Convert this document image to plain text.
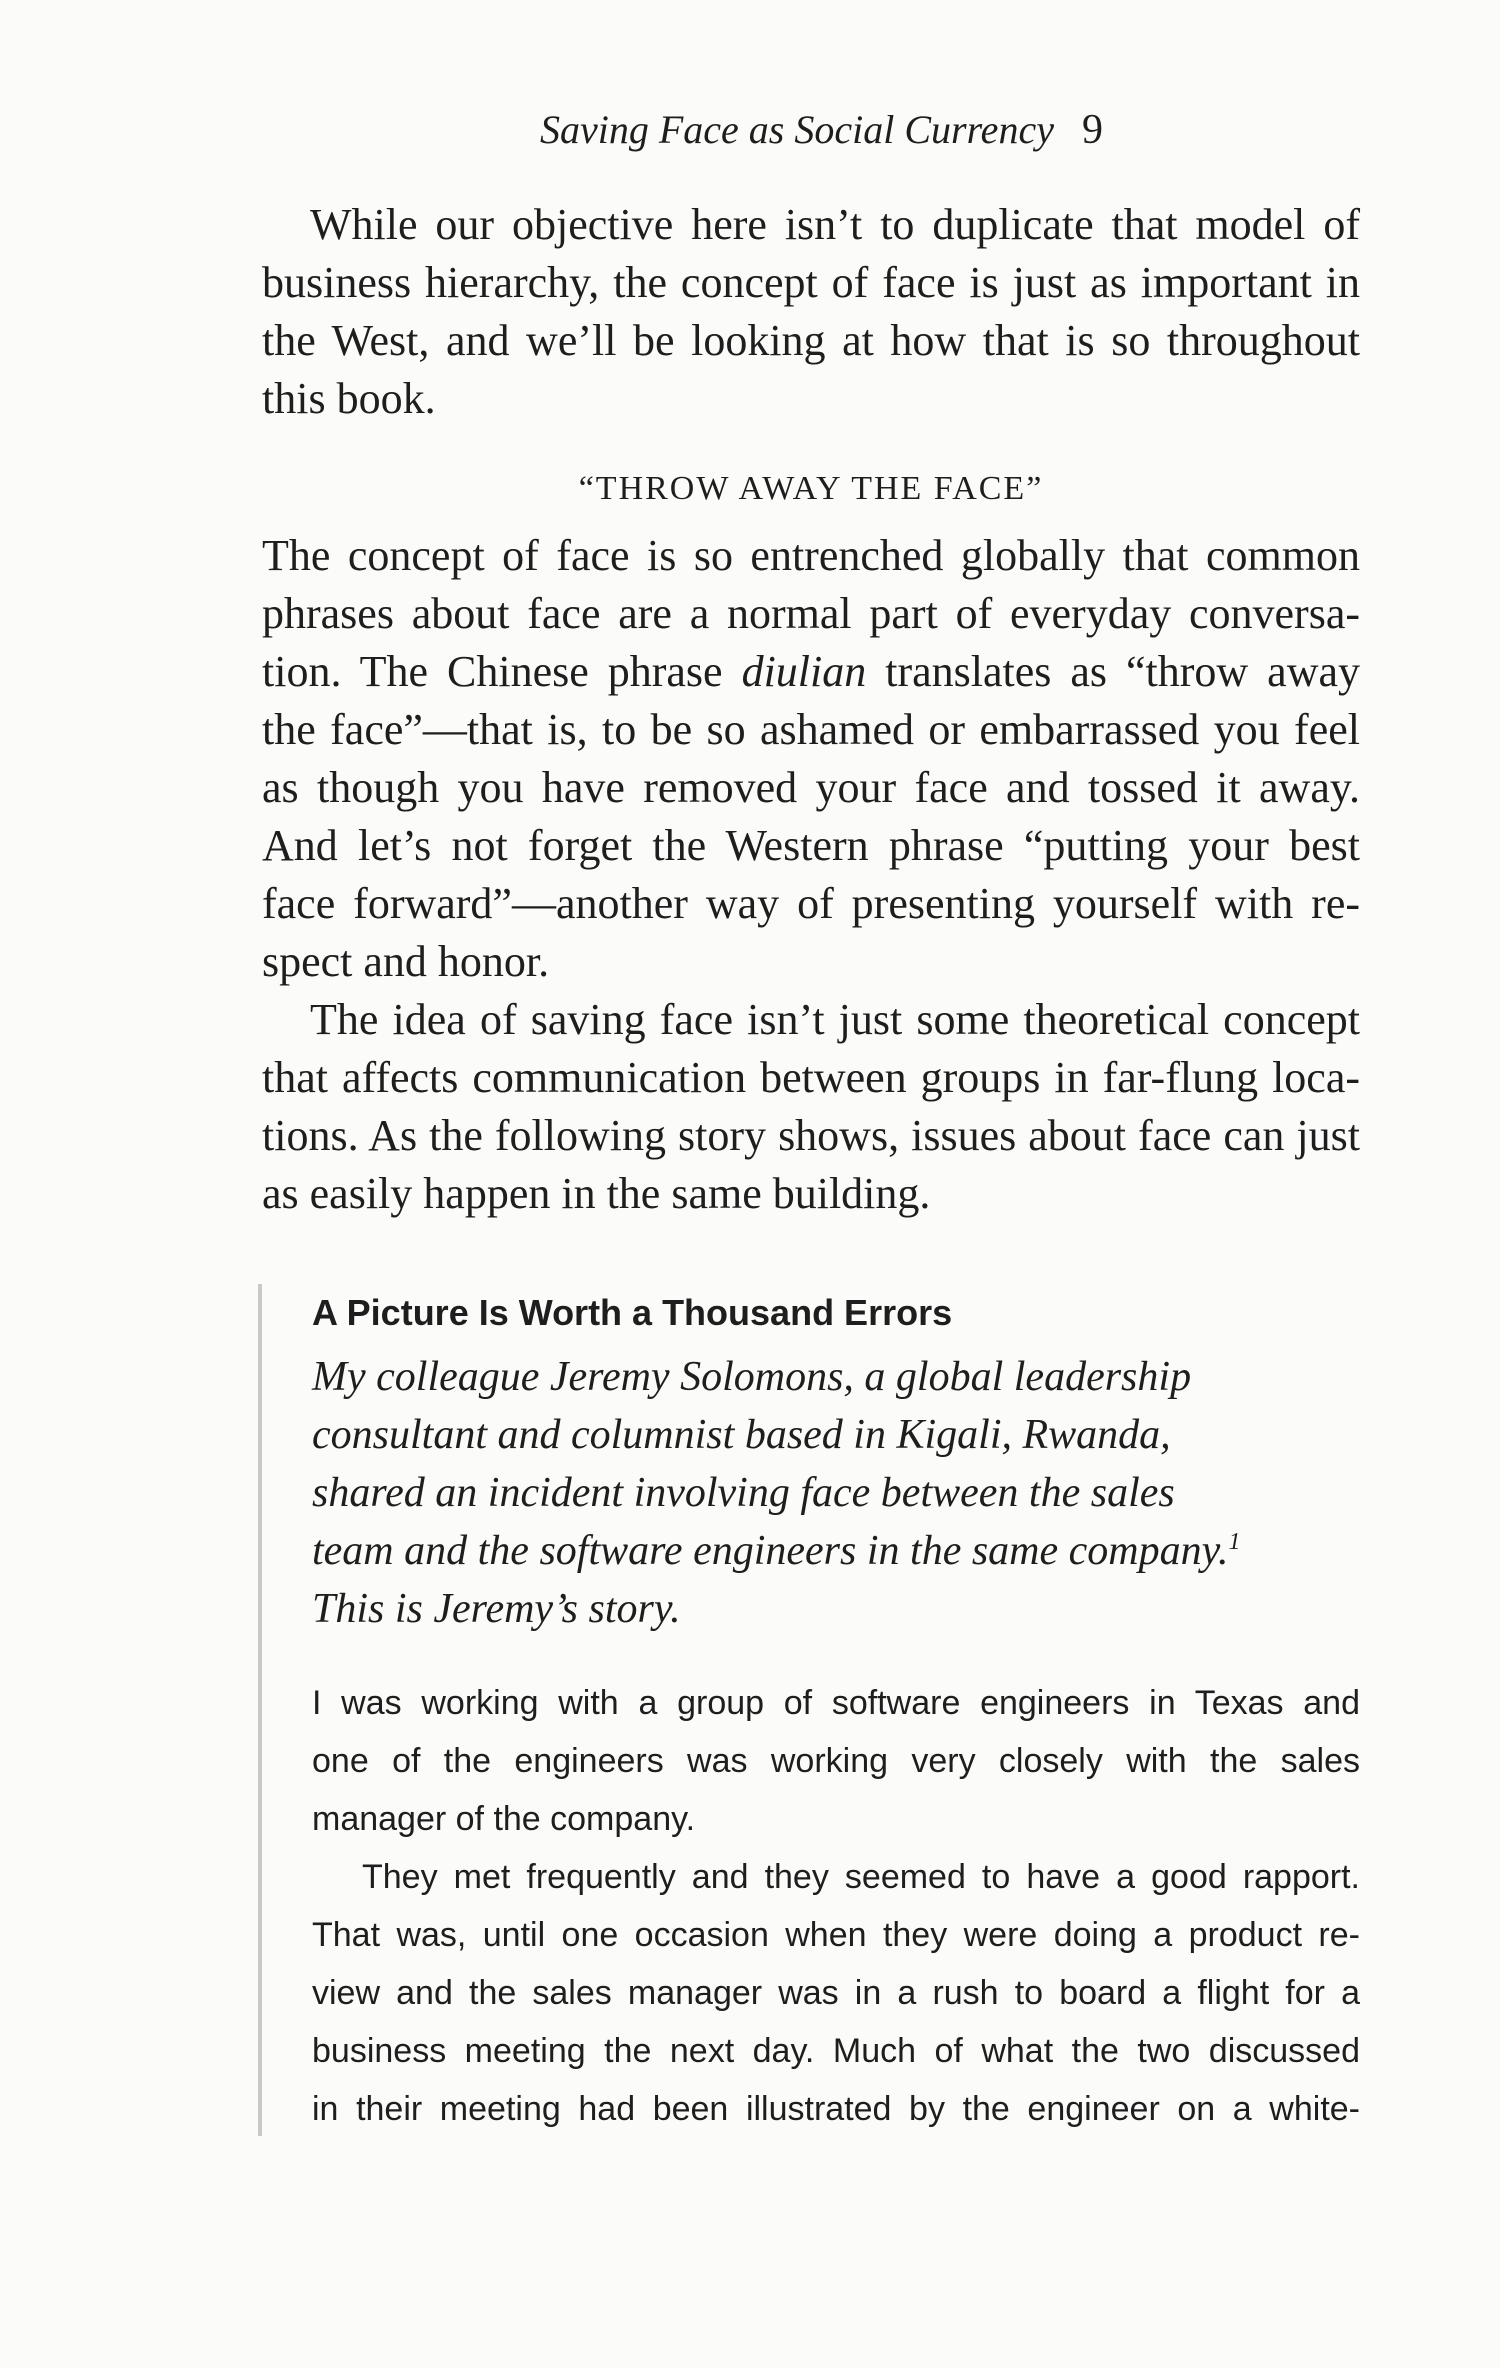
Saving Face as Social Currency 9
While our objective here isn’t to duplicate that model of
business hierarchy, the concept of face is just as important in
the West, and we’ll be looking at how that is so throughout
this book.
“THROW AWAY THE FACE”
The concept of face is so entrenched globally that common
phrases about face are a normal part of everyday conversa-
tion. The Chinese phrase diulian translates as “throw away
the face”—that is, to be so ashamed or embarrassed you feel
as though you have removed your face and tossed it away.
And let’s not forget the Western phrase “putting your best
face forward”—another way of presenting yourself with re-
spect and honor.
The idea of saving face isn’t just some theoretical concept
that affects communication between groups in far-flung loca-
tions. As the following story shows, issues about face can just
as easily happen in the same building.
A Picture Is Worth a Thousand Errors
My colleague Jeremy Solomons, a global leadership
consultant and columnist based in Kigali, Rwanda,
shared an incident involving face between the sales
team and the software engineers in the same company.$^1$
This is Jeremy’s story.
I was working with a group of software engineers in Texas and
one of the engineers was working very closely with the sales
manager of the company.
They met frequently and they seemed to have a good rapport.
That was, until one occasion when they were doing a product re-
view and the sales manager was in a rush to board a flight for a
business meeting the next day. Much of what the two discussed
in their meeting had been illustrated by the engineer on a white-
